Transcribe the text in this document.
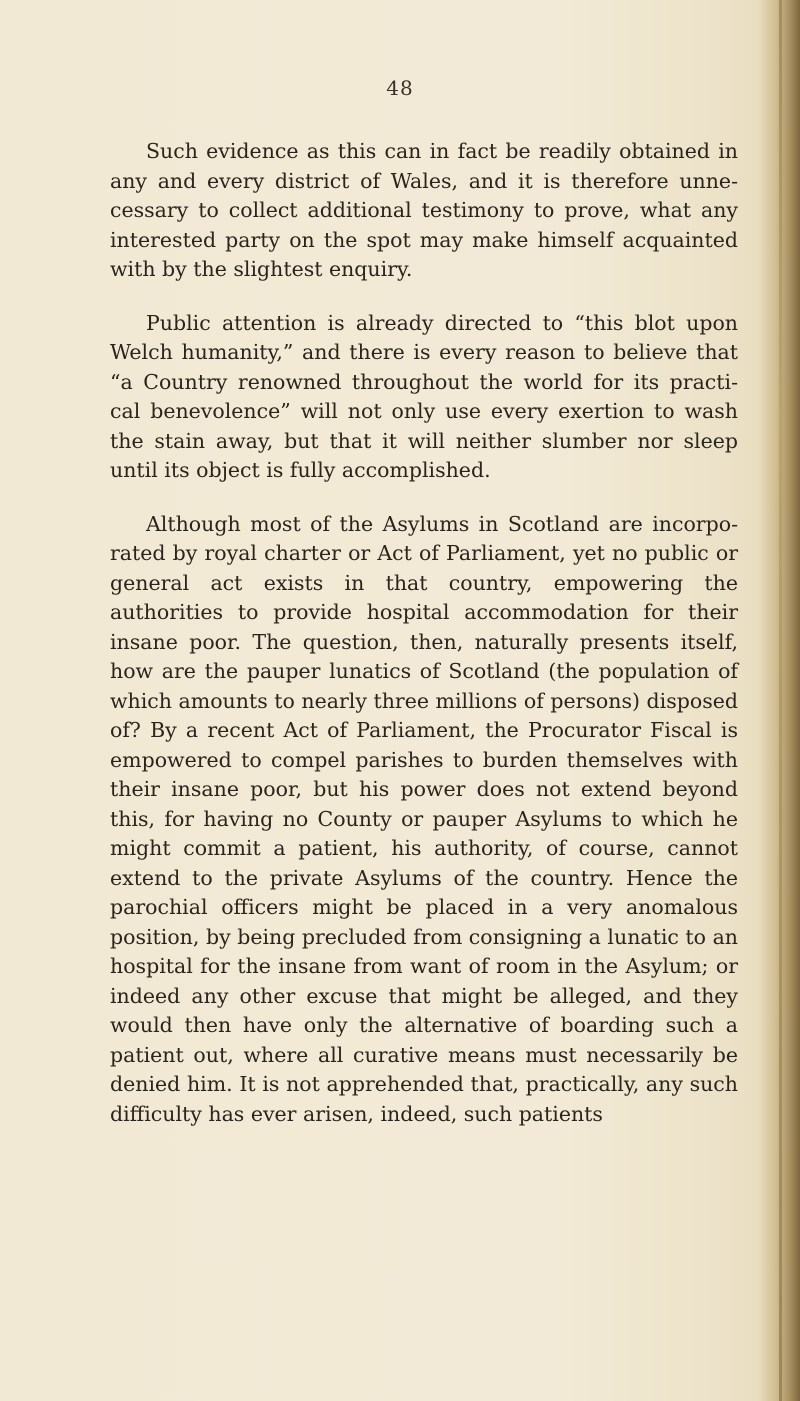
48

Such evidence as this can in fact be readily obtained in any and every district of Wales, and it is therefore unne- cessary to collect additional testimony to prove, what any interested party on the spot may make himself acquainted with by the slightest enquiry.

Public attention is already directed to “this blot upon Welch humanity,” and there is every reason to believe that “a Country renowned throughout the world for its practi- cal benevolence” will not only use every exertion to wash the stain away, but that it will neither slumber nor sleep until its object is fully accomplished.

Although most of the Asylums in Scotland are incorpo- rated by royal charter or Act of Parliament, yet no public or general act exists in that country, empowering the authorities to provide hospital accommodation for their insane poor. The question, then, naturally presents itself, how are the pauper lunatics of Scotland (the population of which amounts to nearly three millions of persons) disposed of? By a recent Act of Parliament, the Procurator Fiscal is empowered to compel parishes to burden themselves with their insane poor, but his power does not extend beyond this, for having no County or pauper Asylums to which he might commit a patient, his authority, of course, cannot extend to the private Asylums of the country. Hence the parochial officers might be placed in a very anomalous position, by being precluded from consigning a lunatic to an hospital for the insane from want of room in the Asylum; or indeed any other excuse that might be alleged, and they would then have only the alternative of boarding such a patient out, where all curative means must necessarily be denied him. It is not apprehended that, practically, any such difficulty has ever arisen, indeed, such patients
